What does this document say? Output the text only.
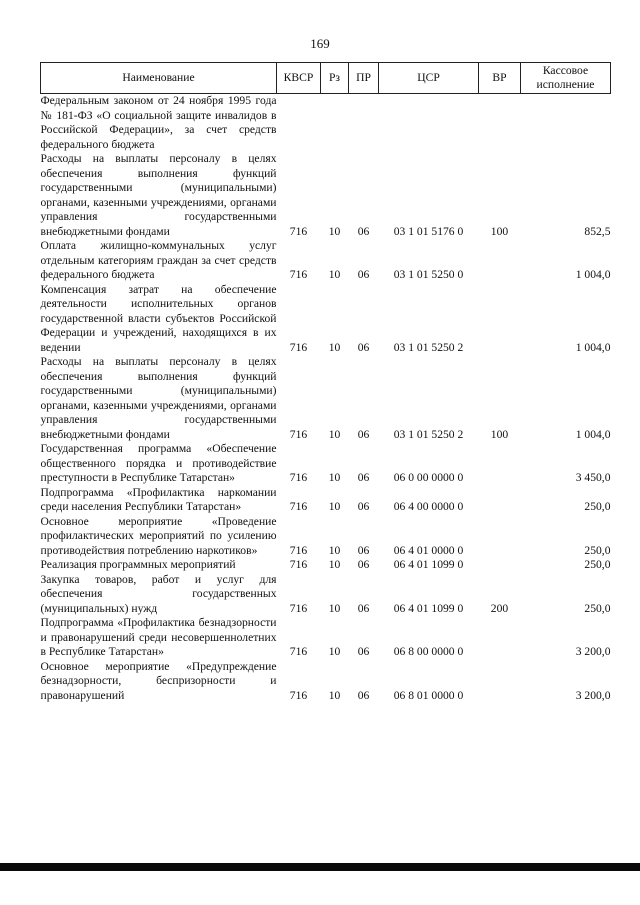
169
Наименование	КВСР	Рз	ПР	ЦСР	ВР	Кассовое исполнение
Федеральным законом от 24 ноября 1995 года № 181-ФЗ «О социальной защите инвалидов в Российской Федерации», за счет средств федерального бюджета						
Расходы на выплаты персоналу в целях обеспечения выполнения функций государственными (муниципальными) органами, казенными учреждениями, органами управления государственными внебюджетными фондами	716	10	06	03 1 01 5176 0	100	852,5
Оплата жилищно-коммунальных услуг отдельным категориям граждан за счет средств федерального бюджета	716	10	06	03 1 01 5250 0		1 004,0
Компенсация затрат на обеспечение деятельности исполнительных органов государственной власти субъектов Российской Федерации и учреждений, находящихся в их ведении	716	10	06	03 1 01 5250 2		1 004,0
Расходы на выплаты персоналу в целях обеспечения выполнения функций государственными (муниципальными) органами, казенными учреждениями, органами управления государственными внебюджетными фондами	716	10	06	03 1 01 5250 2	100	1 004,0
Государственная программа «Обеспечение общественного порядка и противодействие преступности в Республике Татарстан»	716	10	06	06 0 00 0000 0		3 450,0
Подпрограмма «Профилактика наркомании среди населения Республики Татарстан»	716	10	06	06 4 00 0000 0		250,0
Основное мероприятие «Проведение профилактических мероприятий по усилению противодействия потреблению наркотиков»	716	10	06	06 4 01 0000 0		250,0
Реализация программных мероприятий	716	10	06	06 4 01 1099 0		250,0
Закупка товаров, работ и услуг для обеспечения государственных (муниципальных) нужд	716	10	06	06 4 01 1099 0	200	250,0
Подпрограмма «Профилактика безнадзорности и правонарушений среди несовершеннолетних в Республике Татарстан»	716	10	06	06 8 00 0000 0		3 200,0
Основное мероприятие «Предупреждение безнадзорности, беспризорности и правонарушений	716	10	06	06 8 01 0000 0		3 200,0
